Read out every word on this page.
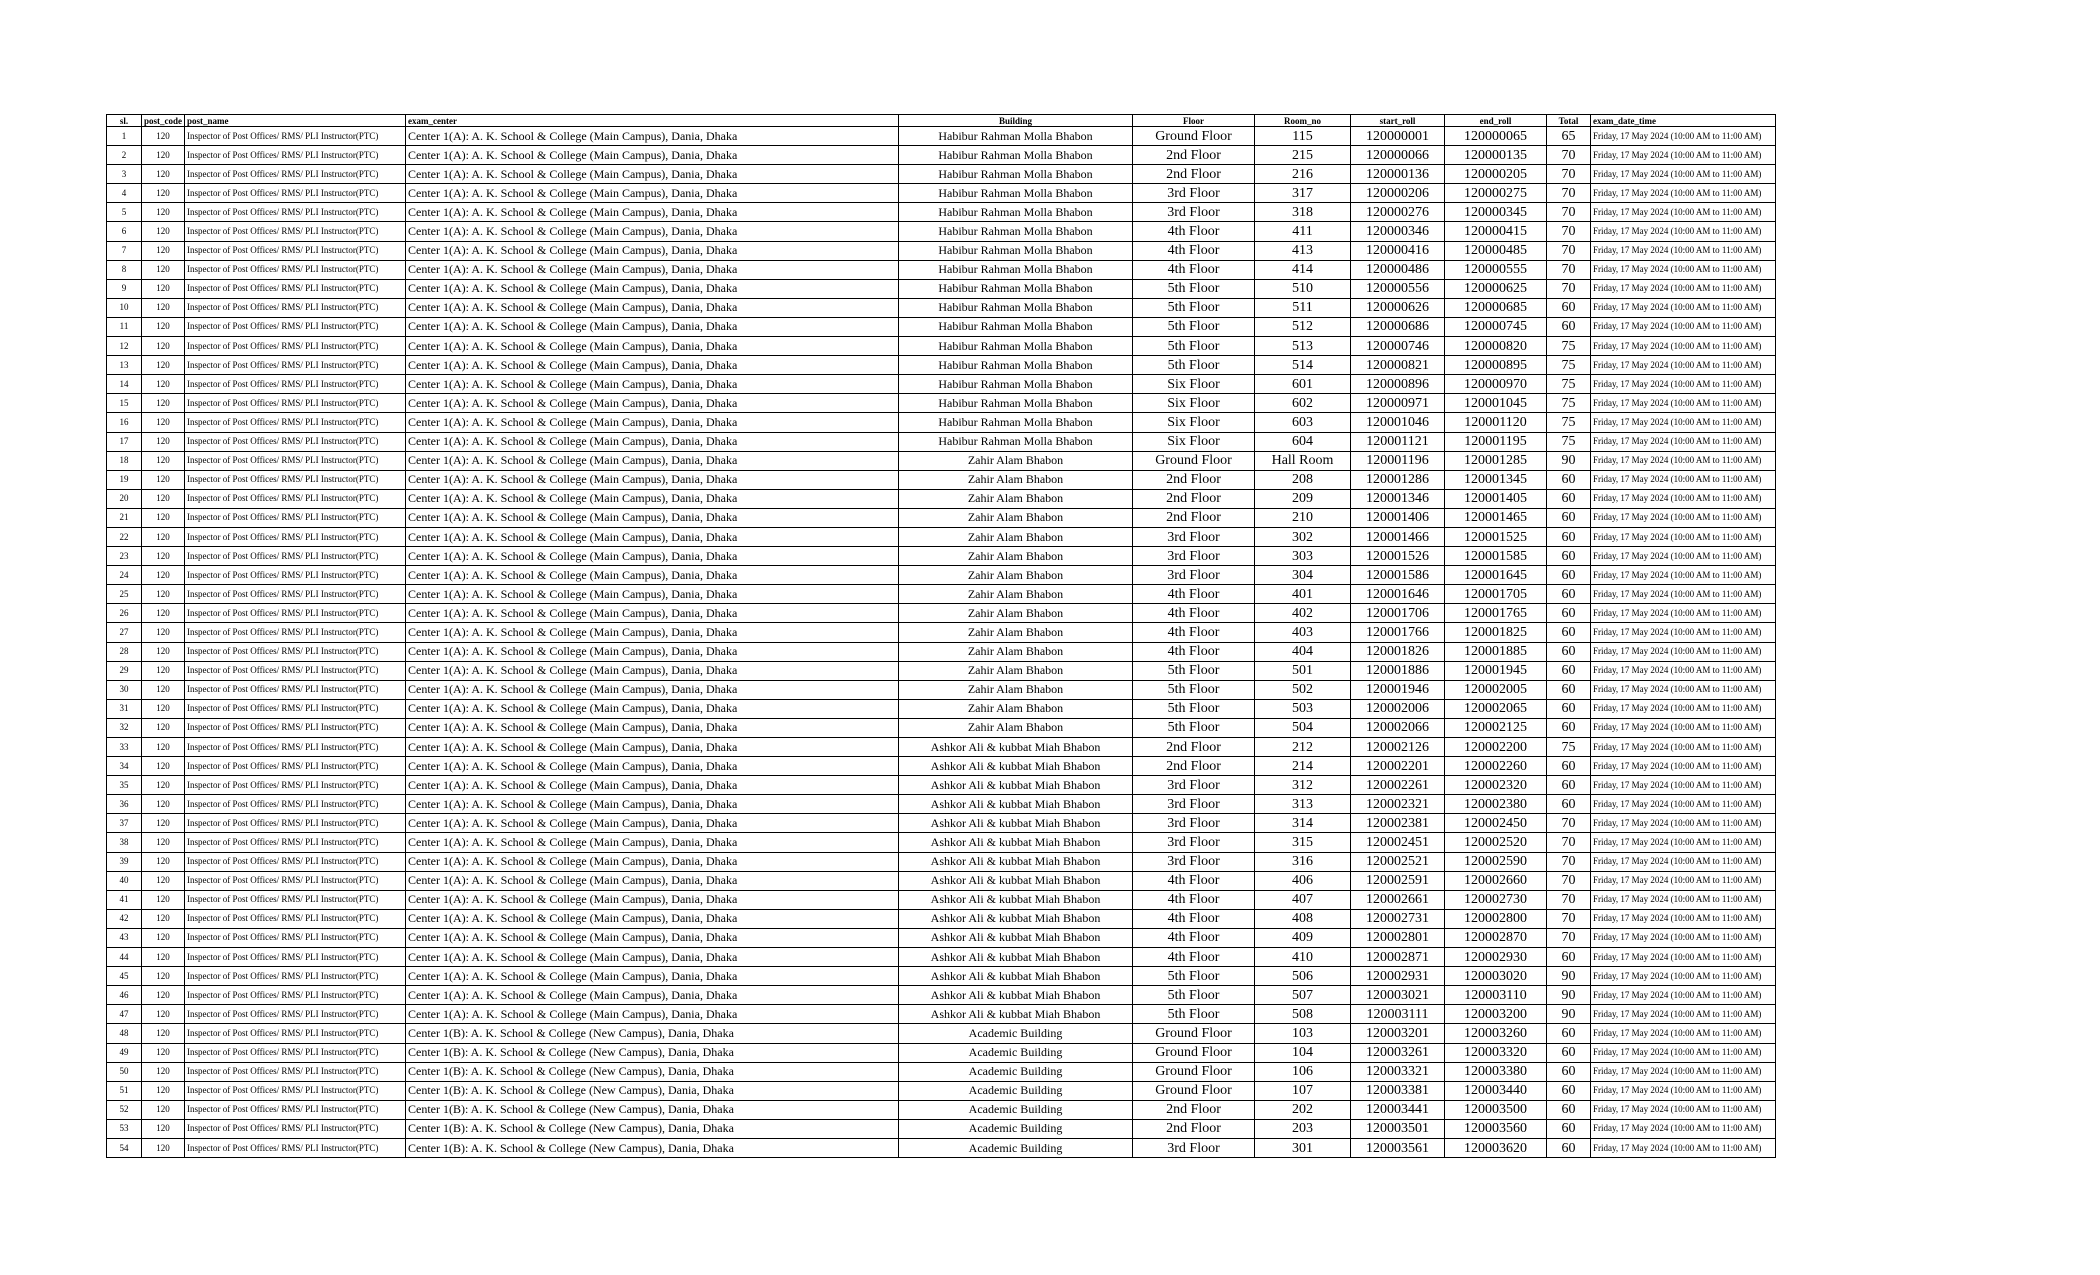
sl.	post_code	post_name	exam_center	Building	Floor	Room_no	start_roll	end_roll	Total	exam_date_time
1	120	Inspector of Post Offices/ RMS/ PLI Instructor(PTC)	Center 1(A): A. K. School & College (Main Campus), Dania, Dhaka	Habibur Rahman Molla Bhabon	Ground Floor	115	120000001	120000065	65	Friday, 17 May 2024 (10:00 AM to 11:00 AM)
2	120	Inspector of Post Offices/ RMS/ PLI Instructor(PTC)	Center 1(A): A. K. School & College (Main Campus), Dania, Dhaka	Habibur Rahman Molla Bhabon	2nd Floor	215	120000066	120000135	70	Friday, 17 May 2024 (10:00 AM to 11:00 AM)
3	120	Inspector of Post Offices/ RMS/ PLI Instructor(PTC)	Center 1(A): A. K. School & College (Main Campus), Dania, Dhaka	Habibur Rahman Molla Bhabon	2nd Floor	216	120000136	120000205	70	Friday, 17 May 2024 (10:00 AM to 11:00 AM)
4	120	Inspector of Post Offices/ RMS/ PLI Instructor(PTC)	Center 1(A): A. K. School & College (Main Campus), Dania, Dhaka	Habibur Rahman Molla Bhabon	3rd Floor	317	120000206	120000275	70	Friday, 17 May 2024 (10:00 AM to 11:00 AM)
5	120	Inspector of Post Offices/ RMS/ PLI Instructor(PTC)	Center 1(A): A. K. School & College (Main Campus), Dania, Dhaka	Habibur Rahman Molla Bhabon	3rd Floor	318	120000276	120000345	70	Friday, 17 May 2024 (10:00 AM to 11:00 AM)
6	120	Inspector of Post Offices/ RMS/ PLI Instructor(PTC)	Center 1(A): A. K. School & College (Main Campus), Dania, Dhaka	Habibur Rahman Molla Bhabon	4th Floor	411	120000346	120000415	70	Friday, 17 May 2024 (10:00 AM to 11:00 AM)
7	120	Inspector of Post Offices/ RMS/ PLI Instructor(PTC)	Center 1(A): A. K. School & College (Main Campus), Dania, Dhaka	Habibur Rahman Molla Bhabon	4th Floor	413	120000416	120000485	70	Friday, 17 May 2024 (10:00 AM to 11:00 AM)
8	120	Inspector of Post Offices/ RMS/ PLI Instructor(PTC)	Center 1(A): A. K. School & College (Main Campus), Dania, Dhaka	Habibur Rahman Molla Bhabon	4th Floor	414	120000486	120000555	70	Friday, 17 May 2024 (10:00 AM to 11:00 AM)
9	120	Inspector of Post Offices/ RMS/ PLI Instructor(PTC)	Center 1(A): A. K. School & College (Main Campus), Dania, Dhaka	Habibur Rahman Molla Bhabon	5th Floor	510	120000556	120000625	70	Friday, 17 May 2024 (10:00 AM to 11:00 AM)
10	120	Inspector of Post Offices/ RMS/ PLI Instructor(PTC)	Center 1(A): A. K. School & College (Main Campus), Dania, Dhaka	Habibur Rahman Molla Bhabon	5th Floor	511	120000626	120000685	60	Friday, 17 May 2024 (10:00 AM to 11:00 AM)
11	120	Inspector of Post Offices/ RMS/ PLI Instructor(PTC)	Center 1(A): A. K. School & College (Main Campus), Dania, Dhaka	Habibur Rahman Molla Bhabon	5th Floor	512	120000686	120000745	60	Friday, 17 May 2024 (10:00 AM to 11:00 AM)
12	120	Inspector of Post Offices/ RMS/ PLI Instructor(PTC)	Center 1(A): A. K. School & College (Main Campus), Dania, Dhaka	Habibur Rahman Molla Bhabon	5th Floor	513	120000746	120000820	75	Friday, 17 May 2024 (10:00 AM to 11:00 AM)
13	120	Inspector of Post Offices/ RMS/ PLI Instructor(PTC)	Center 1(A): A. K. School & College (Main Campus), Dania, Dhaka	Habibur Rahman Molla Bhabon	5th Floor	514	120000821	120000895	75	Friday, 17 May 2024 (10:00 AM to 11:00 AM)
14	120	Inspector of Post Offices/ RMS/ PLI Instructor(PTC)	Center 1(A): A. K. School & College (Main Campus), Dania, Dhaka	Habibur Rahman Molla Bhabon	Six Floor	601	120000896	120000970	75	Friday, 17 May 2024 (10:00 AM to 11:00 AM)
15	120	Inspector of Post Offices/ RMS/ PLI Instructor(PTC)	Center 1(A): A. K. School & College (Main Campus), Dania, Dhaka	Habibur Rahman Molla Bhabon	Six Floor	602	120000971	120001045	75	Friday, 17 May 2024 (10:00 AM to 11:00 AM)
16	120	Inspector of Post Offices/ RMS/ PLI Instructor(PTC)	Center 1(A): A. K. School & College (Main Campus), Dania, Dhaka	Habibur Rahman Molla Bhabon	Six Floor	603	120001046	120001120	75	Friday, 17 May 2024 (10:00 AM to 11:00 AM)
17	120	Inspector of Post Offices/ RMS/ PLI Instructor(PTC)	Center 1(A): A. K. School & College (Main Campus), Dania, Dhaka	Habibur Rahman Molla Bhabon	Six Floor	604	120001121	120001195	75	Friday, 17 May 2024 (10:00 AM to 11:00 AM)
18	120	Inspector of Post Offices/ RMS/ PLI Instructor(PTC)	Center 1(A): A. K. School & College (Main Campus), Dania, Dhaka	Zahir Alam Bhabon	Ground Floor	Hall Room	120001196	120001285	90	Friday, 17 May 2024 (10:00 AM to 11:00 AM)
19	120	Inspector of Post Offices/ RMS/ PLI Instructor(PTC)	Center 1(A): A. K. School & College (Main Campus), Dania, Dhaka	Zahir Alam Bhabon	2nd Floor	208	120001286	120001345	60	Friday, 17 May 2024 (10:00 AM to 11:00 AM)
20	120	Inspector of Post Offices/ RMS/ PLI Instructor(PTC)	Center 1(A): A. K. School & College (Main Campus), Dania, Dhaka	Zahir Alam Bhabon	2nd Floor	209	120001346	120001405	60	Friday, 17 May 2024 (10:00 AM to 11:00 AM)
21	120	Inspector of Post Offices/ RMS/ PLI Instructor(PTC)	Center 1(A): A. K. School & College (Main Campus), Dania, Dhaka	Zahir Alam Bhabon	2nd Floor	210	120001406	120001465	60	Friday, 17 May 2024 (10:00 AM to 11:00 AM)
22	120	Inspector of Post Offices/ RMS/ PLI Instructor(PTC)	Center 1(A): A. K. School & College (Main Campus), Dania, Dhaka	Zahir Alam Bhabon	3rd Floor	302	120001466	120001525	60	Friday, 17 May 2024 (10:00 AM to 11:00 AM)
23	120	Inspector of Post Offices/ RMS/ PLI Instructor(PTC)	Center 1(A): A. K. School & College (Main Campus), Dania, Dhaka	Zahir Alam Bhabon	3rd Floor	303	120001526	120001585	60	Friday, 17 May 2024 (10:00 AM to 11:00 AM)
24	120	Inspector of Post Offices/ RMS/ PLI Instructor(PTC)	Center 1(A): A. K. School & College (Main Campus), Dania, Dhaka	Zahir Alam Bhabon	3rd Floor	304	120001586	120001645	60	Friday, 17 May 2024 (10:00 AM to 11:00 AM)
25	120	Inspector of Post Offices/ RMS/ PLI Instructor(PTC)	Center 1(A): A. K. School & College (Main Campus), Dania, Dhaka	Zahir Alam Bhabon	4th Floor	401	120001646	120001705	60	Friday, 17 May 2024 (10:00 AM to 11:00 AM)
26	120	Inspector of Post Offices/ RMS/ PLI Instructor(PTC)	Center 1(A): A. K. School & College (Main Campus), Dania, Dhaka	Zahir Alam Bhabon	4th Floor	402	120001706	120001765	60	Friday, 17 May 2024 (10:00 AM to 11:00 AM)
27	120	Inspector of Post Offices/ RMS/ PLI Instructor(PTC)	Center 1(A): A. K. School & College (Main Campus), Dania, Dhaka	Zahir Alam Bhabon	4th Floor	403	120001766	120001825	60	Friday, 17 May 2024 (10:00 AM to 11:00 AM)
28	120	Inspector of Post Offices/ RMS/ PLI Instructor(PTC)	Center 1(A): A. K. School & College (Main Campus), Dania, Dhaka	Zahir Alam Bhabon	4th Floor	404	120001826	120001885	60	Friday, 17 May 2024 (10:00 AM to 11:00 AM)
29	120	Inspector of Post Offices/ RMS/ PLI Instructor(PTC)	Center 1(A): A. K. School & College (Main Campus), Dania, Dhaka	Zahir Alam Bhabon	5th Floor	501	120001886	120001945	60	Friday, 17 May 2024 (10:00 AM to 11:00 AM)
30	120	Inspector of Post Offices/ RMS/ PLI Instructor(PTC)	Center 1(A): A. K. School & College (Main Campus), Dania, Dhaka	Zahir Alam Bhabon	5th Floor	502	120001946	120002005	60	Friday, 17 May 2024 (10:00 AM to 11:00 AM)
31	120	Inspector of Post Offices/ RMS/ PLI Instructor(PTC)	Center 1(A): A. K. School & College (Main Campus), Dania, Dhaka	Zahir Alam Bhabon	5th Floor	503	120002006	120002065	60	Friday, 17 May 2024 (10:00 AM to 11:00 AM)
32	120	Inspector of Post Offices/ RMS/ PLI Instructor(PTC)	Center 1(A): A. K. School & College (Main Campus), Dania, Dhaka	Zahir Alam Bhabon	5th Floor	504	120002066	120002125	60	Friday, 17 May 2024 (10:00 AM to 11:00 AM)
33	120	Inspector of Post Offices/ RMS/ PLI Instructor(PTC)	Center 1(A): A. K. School & College (Main Campus), Dania, Dhaka	Ashkor Ali & kubbat Miah Bhabon	2nd Floor	212	120002126	120002200	75	Friday, 17 May 2024 (10:00 AM to 11:00 AM)
34	120	Inspector of Post Offices/ RMS/ PLI Instructor(PTC)	Center 1(A): A. K. School & College (Main Campus), Dania, Dhaka	Ashkor Ali & kubbat Miah Bhabon	2nd Floor	214	120002201	120002260	60	Friday, 17 May 2024 (10:00 AM to 11:00 AM)
35	120	Inspector of Post Offices/ RMS/ PLI Instructor(PTC)	Center 1(A): A. K. School & College (Main Campus), Dania, Dhaka	Ashkor Ali & kubbat Miah Bhabon	3rd Floor	312	120002261	120002320	60	Friday, 17 May 2024 (10:00 AM to 11:00 AM)
36	120	Inspector of Post Offices/ RMS/ PLI Instructor(PTC)	Center 1(A): A. K. School & College (Main Campus), Dania, Dhaka	Ashkor Ali & kubbat Miah Bhabon	3rd Floor	313	120002321	120002380	60	Friday, 17 May 2024 (10:00 AM to 11:00 AM)
37	120	Inspector of Post Offices/ RMS/ PLI Instructor(PTC)	Center 1(A): A. K. School & College (Main Campus), Dania, Dhaka	Ashkor Ali & kubbat Miah Bhabon	3rd Floor	314	120002381	120002450	70	Friday, 17 May 2024 (10:00 AM to 11:00 AM)
38	120	Inspector of Post Offices/ RMS/ PLI Instructor(PTC)	Center 1(A): A. K. School & College (Main Campus), Dania, Dhaka	Ashkor Ali & kubbat Miah Bhabon	3rd Floor	315	120002451	120002520	70	Friday, 17 May 2024 (10:00 AM to 11:00 AM)
39	120	Inspector of Post Offices/ RMS/ PLI Instructor(PTC)	Center 1(A): A. K. School & College (Main Campus), Dania, Dhaka	Ashkor Ali & kubbat Miah Bhabon	3rd Floor	316	120002521	120002590	70	Friday, 17 May 2024 (10:00 AM to 11:00 AM)
40	120	Inspector of Post Offices/ RMS/ PLI Instructor(PTC)	Center 1(A): A. K. School & College (Main Campus), Dania, Dhaka	Ashkor Ali & kubbat Miah Bhabon	4th Floor	406	120002591	120002660	70	Friday, 17 May 2024 (10:00 AM to 11:00 AM)
41	120	Inspector of Post Offices/ RMS/ PLI Instructor(PTC)	Center 1(A): A. K. School & College (Main Campus), Dania, Dhaka	Ashkor Ali & kubbat Miah Bhabon	4th Floor	407	120002661	120002730	70	Friday, 17 May 2024 (10:00 AM to 11:00 AM)
42	120	Inspector of Post Offices/ RMS/ PLI Instructor(PTC)	Center 1(A): A. K. School & College (Main Campus), Dania, Dhaka	Ashkor Ali & kubbat Miah Bhabon	4th Floor	408	120002731	120002800	70	Friday, 17 May 2024 (10:00 AM to 11:00 AM)
43	120	Inspector of Post Offices/ RMS/ PLI Instructor(PTC)	Center 1(A): A. K. School & College (Main Campus), Dania, Dhaka	Ashkor Ali & kubbat Miah Bhabon	4th Floor	409	120002801	120002870	70	Friday, 17 May 2024 (10:00 AM to 11:00 AM)
44	120	Inspector of Post Offices/ RMS/ PLI Instructor(PTC)	Center 1(A): A. K. School & College (Main Campus), Dania, Dhaka	Ashkor Ali & kubbat Miah Bhabon	4th Floor	410	120002871	120002930	60	Friday, 17 May 2024 (10:00 AM to 11:00 AM)
45	120	Inspector of Post Offices/ RMS/ PLI Instructor(PTC)	Center 1(A): A. K. School & College (Main Campus), Dania, Dhaka	Ashkor Ali & kubbat Miah Bhabon	5th Floor	506	120002931	120003020	90	Friday, 17 May 2024 (10:00 AM to 11:00 AM)
46	120	Inspector of Post Offices/ RMS/ PLI Instructor(PTC)	Center 1(A): A. K. School & College (Main Campus), Dania, Dhaka	Ashkor Ali & kubbat Miah Bhabon	5th Floor	507	120003021	120003110	90	Friday, 17 May 2024 (10:00 AM to 11:00 AM)
47	120	Inspector of Post Offices/ RMS/ PLI Instructor(PTC)	Center 1(A): A. K. School & College (Main Campus), Dania, Dhaka	Ashkor Ali & kubbat Miah Bhabon	5th Floor	508	120003111	120003200	90	Friday, 17 May 2024 (10:00 AM to 11:00 AM)
48	120	Inspector of Post Offices/ RMS/ PLI Instructor(PTC)	Center 1(B): A. K. School & College (New Campus), Dania, Dhaka	Academic Building	Ground Floor	103	120003201	120003260	60	Friday, 17 May 2024 (10:00 AM to 11:00 AM)
49	120	Inspector of Post Offices/ RMS/ PLI Instructor(PTC)	Center 1(B): A. K. School & College (New Campus), Dania, Dhaka	Academic Building	Ground Floor	104	120003261	120003320	60	Friday, 17 May 2024 (10:00 AM to 11:00 AM)
50	120	Inspector of Post Offices/ RMS/ PLI Instructor(PTC)	Center 1(B): A. K. School & College (New Campus), Dania, Dhaka	Academic Building	Ground Floor	106	120003321	120003380	60	Friday, 17 May 2024 (10:00 AM to 11:00 AM)
51	120	Inspector of Post Offices/ RMS/ PLI Instructor(PTC)	Center 1(B): A. K. School & College (New Campus), Dania, Dhaka	Academic Building	Ground Floor	107	120003381	120003440	60	Friday, 17 May 2024 (10:00 AM to 11:00 AM)
52	120	Inspector of Post Offices/ RMS/ PLI Instructor(PTC)	Center 1(B): A. K. School & College (New Campus), Dania, Dhaka	Academic Building	2nd Floor	202	120003441	120003500	60	Friday, 17 May 2024 (10:00 AM to 11:00 AM)
53	120	Inspector of Post Offices/ RMS/ PLI Instructor(PTC)	Center 1(B): A. K. School & College (New Campus), Dania, Dhaka	Academic Building	2nd Floor	203	120003501	120003560	60	Friday, 17 May 2024 (10:00 AM to 11:00 AM)
54	120	Inspector of Post Offices/ RMS/ PLI Instructor(PTC)	Center 1(B): A. K. School & College (New Campus), Dania, Dhaka	Academic Building	3rd Floor	301	120003561	120003620	60	Friday, 17 May 2024 (10:00 AM to 11:00 AM)
